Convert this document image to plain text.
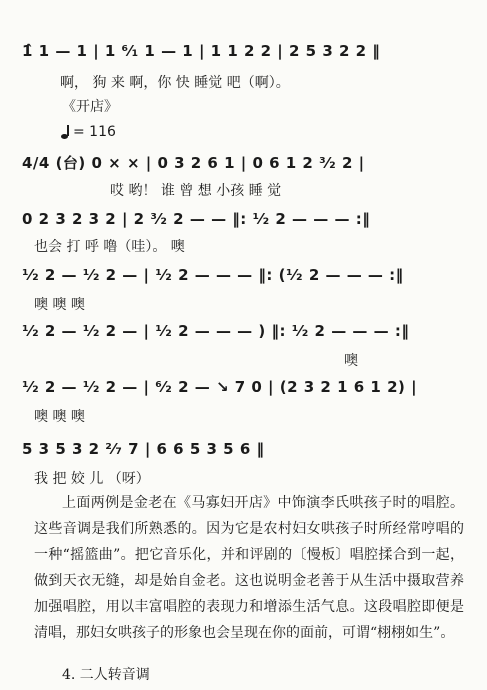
1̂ 1 — 1 | 1 ⁶⁄₁ 1 — 1 | 1 1 2 2 | 2 5 3 2 2 ‖
啊， 狗 来 啊，你 快 睡觉 吧（啊）。
《开店》
= 116
4/4 (台) 0 × × | 0 3 2 6 1 | 0 6 1 2 ³⁄₂ 2 |
哎 哟！ 谁 曾 想 小孩 睡 觉
0 2 3 2 3 2 | 2 ³⁄₂ 2 — — ‖: ¹⁄₂ 2 — — — :‖
也会 打 呼 噜（哇）。 噢
¹⁄₂ 2 — ¹⁄₂ 2 — | ¹⁄₂ 2 — — — ‖: (¹⁄₂ 2 — — — :‖
噢 噢 噢
¹⁄₂ 2 — ¹⁄₂ 2 — | ¹⁄₂ 2 — — — ) ‖: ¹⁄₂ 2 — — — :‖
噢
¹⁄₂ 2 — ¹⁄₂ 2 — | ⁶⁄₂ 2 — ↘ 7 0 | (2 3 2 1 6 1 2) |
噢 噢 噢
5 3 5 3 2 ²⁄₇ 7 | 6 6 5 3 5 6 ‖
我 把 姣 儿 （呀）

上面两例是金老在《马寡妇开店》中饰演李氏哄孩子时的唱腔。这些音调是我们所熟悉的。因为它是农村妇女哄孩子时所经常哼唱的一种“摇篮曲”。把它音乐化，并和评剧的〔慢板〕唱腔揉合到一起，做到天衣无缝，却是始自金老。这也说明金老善于从生活中摄取营养加强唱腔，用以丰富唱腔的表现力和增添生活气息。这段唱腔即便是清唱，那妇女哄孩子的形象也会呈现在你的面前，可谓“栩栩如生”。

4. 二人转音调
